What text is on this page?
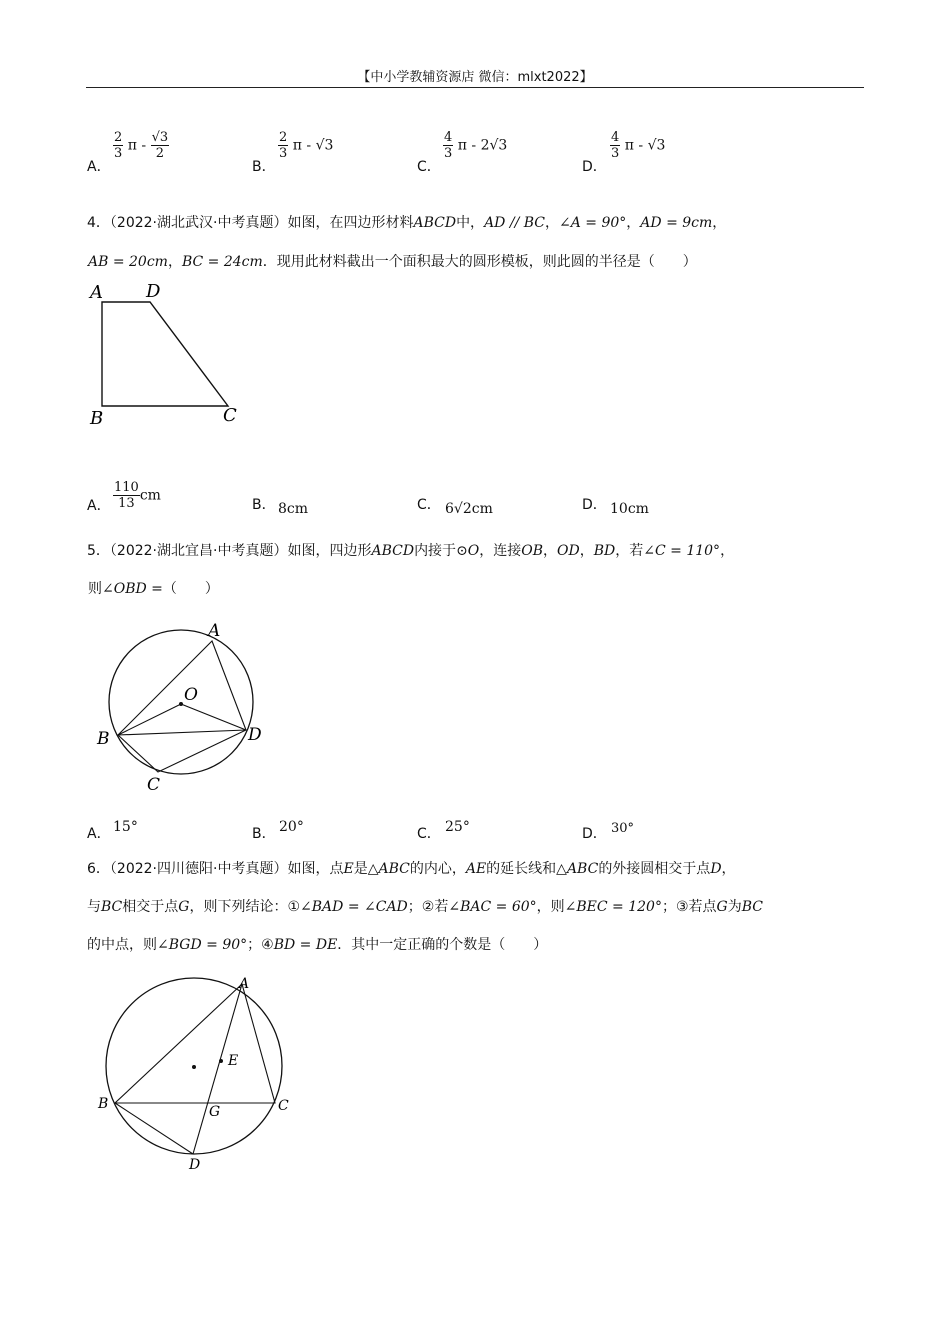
【中小学教辅资源店 微信：mlxt2022】
A．
$\frac{2}{3}$ π - $\frac{√3}{2}$
B．
$\frac{2}{3}$ π - √3
C．
$\frac{4}{3}$ π - 2√3
D．
$\frac{4}{3}$ π - √3
4．（2022·湖北武汉·中考真题）如图，在四边形材料ABCD中，AD // BC，∠A = 90°，AD = 9cm，
AB = 20cm，BC = 24cm．现用此材料截出一个面积最大的圆形模板，则此圆的半径是（　　）
A D
B	C
A． $\frac{110}{13}$ cm
B． 8cm	C． 6√2cm	D． 10cm
5．（2022·湖北宜昌·中考真题）如图，四边形ABCD内接于⊙O，连接OB，OD，BD，若∠C = 110°，
则∠OBD =（　　）
A
O
B	D
C
A． 15°	B． 20°	C． 25°	D． 30°
6．（2022·四川德阳·中考真题）如图，点E是△ABC的内心，AE的延长线和△ABC的外接圆相交于点D，
与BC相交于点G，则下列结论：①∠BAD = ∠CAD；②若∠BAC = 60°，则∠BEC = 120°；③若点G为BC
的中点，则∠BGD = 90°；④BD = DE．其中一定正确的个数是（　　）
A
E
B	C
G
D
